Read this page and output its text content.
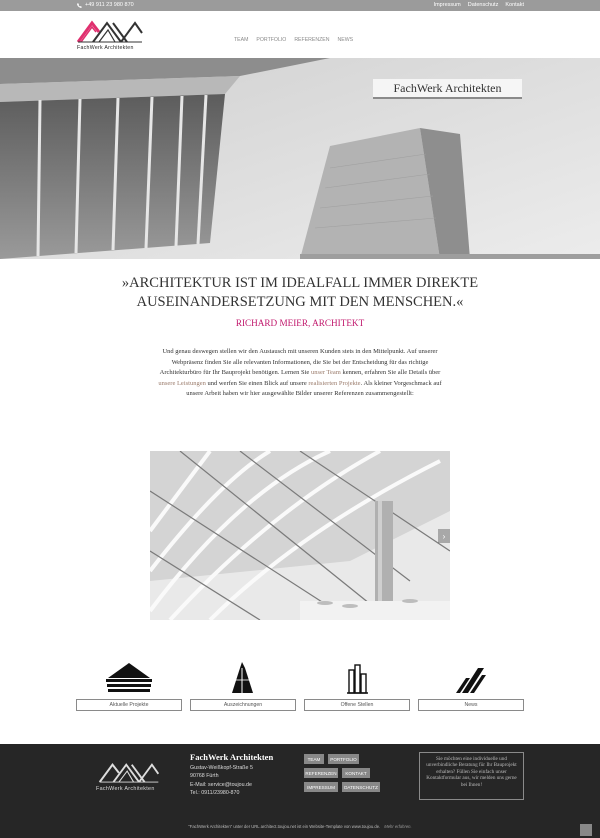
+49 911 23 980 870	Impressum Datenschutz Kontakt
FachWerk Architekten
TEAM PORTFOLIO REFERENZEN NEWS
FachWerk Architekten
»ARCHITEKTUR IST IM IDEALFALL IMMER DIREKTE
AUSEINANDERSETZUNG MIT DEN MENSCHEN.«
RICHARD MEIER, ARCHITEKT
Und genau deswegen stellen wir den Austausch mit unseren Kunden stets in den Mittelpunkt. Auf unserer Webpräsenz finden Sie alle relevanten Informationen, die Sie bei der Entscheidung für das richtige Architekturbüro für Ihr Bauprojekt benötigen. Lernen Sie unser Team kennen, erfahren Sie alle Details über unsere Leistungen und werfen Sie einen Blick auf unsere realisierten Projekte. Als kleiner Vorgeschmack auf unsere Arbeit haben wir hier ausgewählte Bilder unserer Referenzen zusammengestellt:
›
Aktuelle Projekte	Auszeichnungen	Offene Stellen	News
FachWerk Architekten
FachWerk Architekten
Gustav-Weißkopf-Straße 5
90768 Fürth
E-Mail: service@toujou.de
Tel.: 0911/23980-870
TEAM	PORTFOLIO
REFERENZEN	KONTAKT
IMPRESSUM	DATENSCHUTZ
Sie möchten eine individuelle und unverbindliche Beratung für Ihr Bauprojekt erhalten? Füllen Sie einfach unser Kontaktformular aus, wir melden uns gerne bei Ihnen!
"FachWerk Architekten" unter der URL architect.toujou.net ist ein Website-Template von www.toujou.de. Mehr erfahren.
